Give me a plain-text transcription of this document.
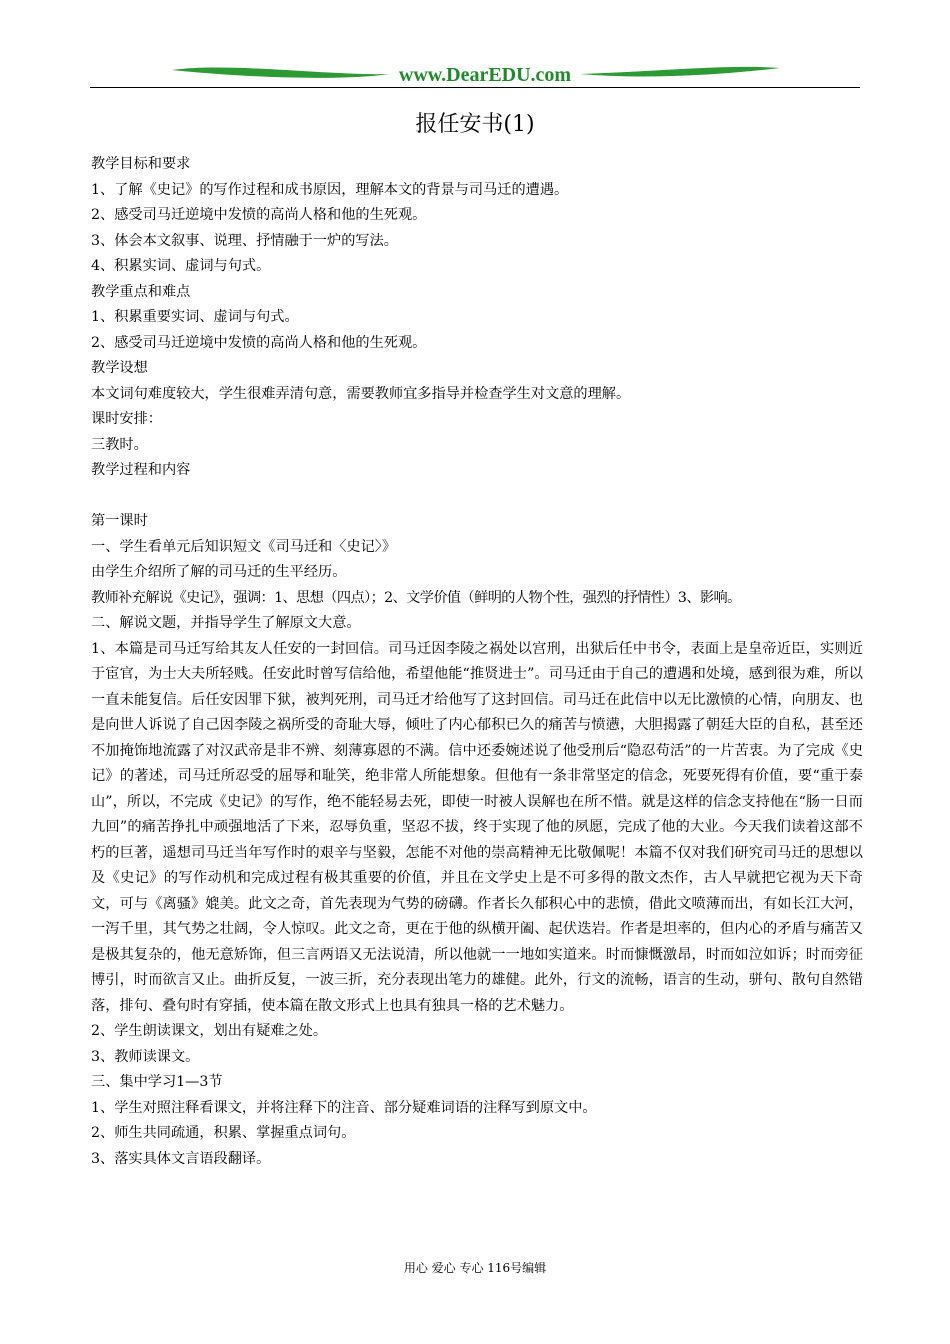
www.DearEDU.com
报任安书(1)
教学目标和要求
1、了解《史记》的写作过程和成书原因，理解本文的背景与司马迁的遭遇。
2、感受司马迁逆境中发愤的高尚人格和他的生死观。
3、体会本文叙事、说理、抒情融于一炉的写法。
4、积累实词、虚词与句式。
教学重点和难点
1、积累重要实词、虚词与句式。
2、感受司马迁逆境中发愤的高尚人格和他的生死观。
教学设想
本文词句难度较大，学生很难弄清句意，需要教师宜多指导并检查学生对文意的理解。
课时安排：
三教时。
教学过程和内容
第一课时
一、学生看单元后知识短文《司马迁和〈史记〉》
由学生介绍所了解的司马迁的生平经历。
教师补充解说《史记》，强调：1、思想（四点）；2、文学价值（鲜明的人物个性，强烈的抒情性）3、影响。
二、解说文题，并指导学生了解原文大意。
1、本篇是司马迁写给其友人任安的一封回信。司马迁因李陵之祸处以宫刑，出狱后任中书令，表面上是皇帝近臣，实则近于宦官，为士大夫所轻贱。任安此时曾写信给他，希望他能“推贤进士”。司马迁由于自己的遭遇和处境，感到很为难，所以一直未能复信。后任安因罪下狱，被判死刑，司马迁才给他写了这封回信。司马迁在此信中以无比激愤的心情，向朋友、也是向世人诉说了自己因李陵之祸所受的奇耻大辱，倾吐了内心郁积已久的痛苦与愤懑，大胆揭露了朝廷大臣的自私，甚至还不加掩饰地流露了对汉武帝是非不辨、刻薄寡恩的不满。信中还委婉述说了他受刑后“隐忍苟活”的一片苦衷。为了完成《史记》的著述，司马迁所忍受的屈辱和耻笑，绝非常人所能想象。但他有一条非常坚定的信念，死要死得有价值，要“重于泰山”，所以，不完成《史记》的写作，绝不能轻易去死，即使一时被人误解也在所不惜。就是这样的信念支持他在“肠一日而九回”的痛苦挣扎中顽强地活了下来，忍辱负重，坚忍不拔，终于实现了他的夙愿，完成了他的大业。今天我们读着这部不朽的巨著，遥想司马迁当年写作时的艰辛与坚毅，怎能不对他的崇高精神无比敬佩呢！本篇不仅对我们研究司马迁的思想以及《史记》的写作动机和完成过程有极其重要的价值，并且在文学史上是不可多得的散文杰作，古人早就把它视为天下奇文，可与《离骚》媲美。此文之奇，首先表现为气势的磅礴。作者长久郁积心中的悲愤，借此文喷薄而出，有如长江大河，一泻千里，其气势之壮阔，令人惊叹。此文之奇，更在于他的纵横开阖、起伏迭岩。作者是坦率的，但内心的矛盾与痛苦又是极其复杂的，他无意矫饰，但三言两语又无法说清，所以他就一一地如实道来。时而慷慨激昂，时而如泣如诉；时而旁征博引，时而欲言又止。曲折反复，一波三折，充分表现出笔力的雄健。此外，行文的流畅，语言的生动，骈句、散句自然错落，排句、叠句时有穿插，使本篇在散文形式上也具有独具一格的艺术魅力。
2、学生朗读课文，划出有疑难之处。
3、教师读课文。
三、集中学习1—3节
1、学生对照注释看课文，并将注释下的注音、部分疑难词语的注释写到原文中。
2、师生共同疏通，积累、掌握重点词句。
3、落实具体文言语段翻译。
用心 爱心 专心 116号编辑
